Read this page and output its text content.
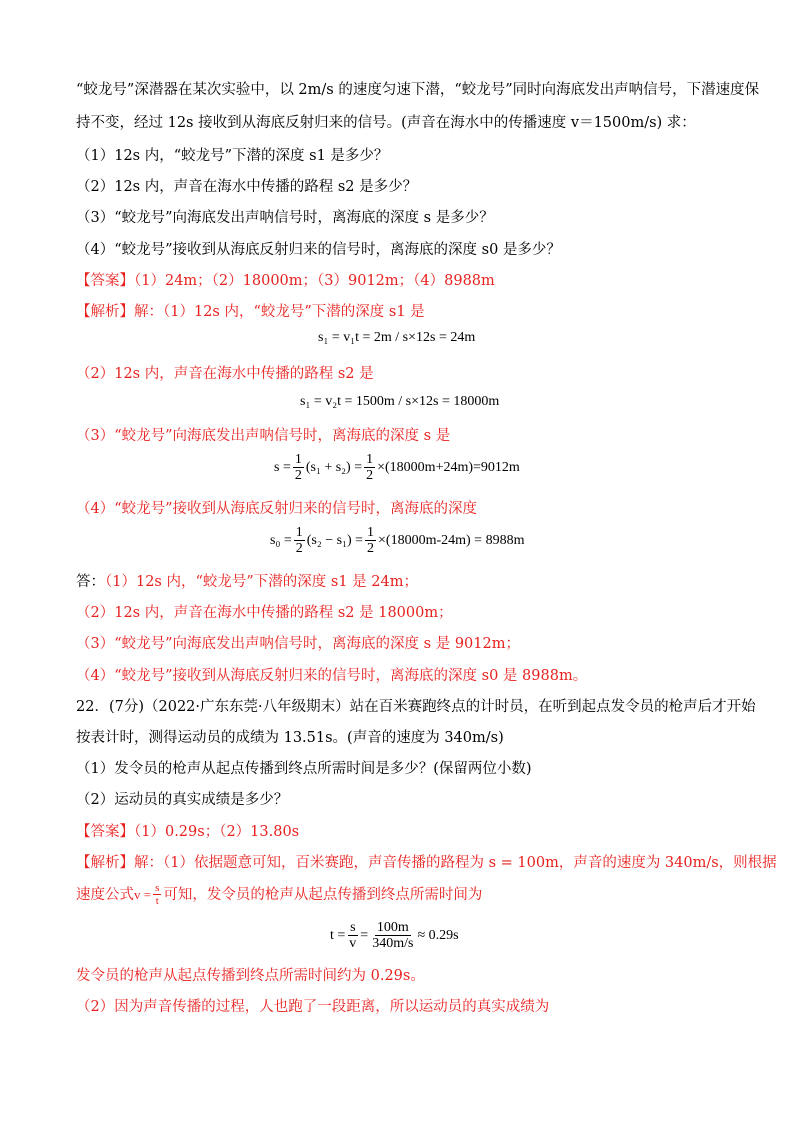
“蛟龙号”深潜器在某次实验中，以 2m/s 的速度匀速下潜，“蛟龙号”同时向海底发出声呐信号，下潜速度保
持不变，经过 12s 接收到从海底反射归来的信号。(声音在海水中的传播速度 v＝1500m/s) 求：
（1）12s 内，“蛟龙号”下潜的深度 s1 是多少？
（2）12s 内，声音在海水中传播的路程 s2 是多少？
（3）“蛟龙号”向海底发出声呐信号时，离海底的深度 s 是多少？
（4）“蛟龙号”接收到从海底反射归来的信号时，离海底的深度 s0 是多少？
【答案】（1）24m；（2）18000m；（3）9012m；（4）8988m
【解析】解：（1）12s 内，“蛟龙号”下潜的深度 s1 是
s₁ = v₁t = 2m / s×12s = 24m
（2）12s 内，声音在海水中传播的路程 s2 是
s₁ = v₂t = 1500m / s×12s = 18000m
（3）“蛟龙号”向海底发出声呐信号时，离海底的深度 s 是
$s = \frac{1}{2} (s_1 + s_2) = \frac{1}{2} \times(18000m+24m)=9012m$
（4）“蛟龙号”接收到从海底反射归来的信号时，离海底的深度
$s_0 = \frac{1}{2} (s_2 - s_1) = \frac{1}{2} \times(18000m-24m) = 8988m$
答：（1）12s 内，“蛟龙号”下潜的深度 s1 是 24m；
（2）12s 内，声音在海水中传播的路程 s2 是 18000m；
（3）“蛟龙号”向海底发出声呐信号时，离海底的深度 s 是 9012m；
（4）“蛟龙号”接收到从海底反射归来的信号时，离海底的深度 s0 是 8988m。
22．(7分)（2022·广东东莞·八年级期末）站在百米赛跑终点的计时员，在听到起点发令员的枪声后才开始
按表计时，测得运动员的成绩为 13.51s。(声音的速度为 340m/s)
（1）发令员的枪声从起点传播到终点所需时间是多少？(保留两位小数)
（2）运动员的真实成绩是多少？
【答案】（1）0.29s；（2）13.80s
【解析】解：（1）依据题意可知，百米赛跑，声音传播的路程为 s = 100m，声音的速度为 340m/s，则根据
速度公式 $v = \frac{s}{t}$ 可知，发令员的枪声从起点传播到终点所需时间为
$t = \frac{s}{v} = \frac{100m}{340m/s} \approx 0.29s$
发令员的枪声从起点传播到终点所需时间约为 0.29s。
（2）因为声音传播的过程，人也跑了一段距离，所以运动员的真实成绩为
